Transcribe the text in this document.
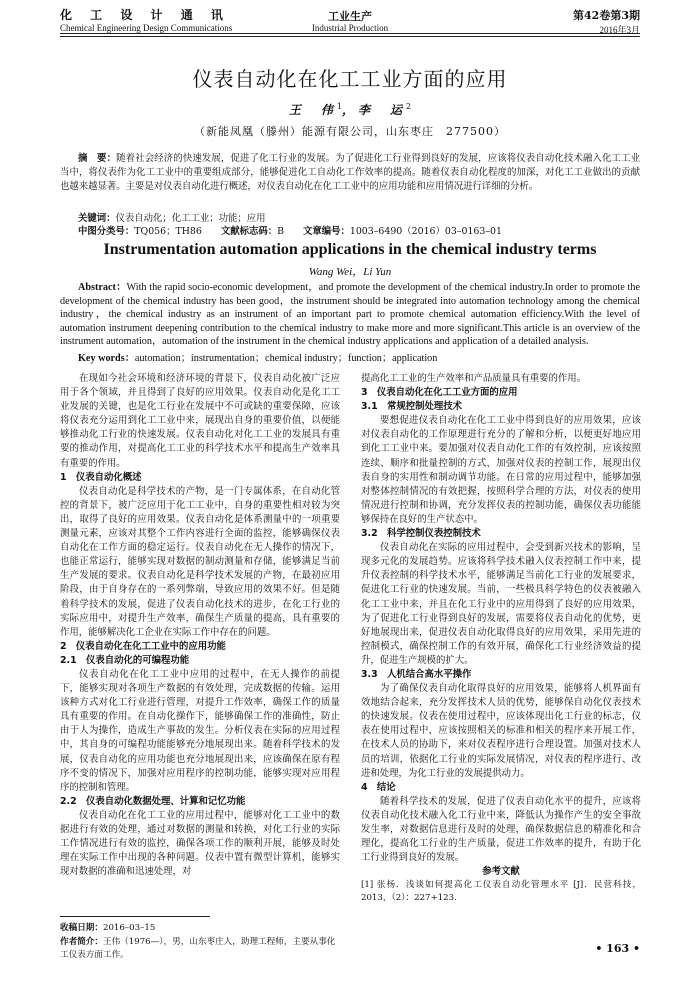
化 工 设 计 通 讯
Chemical Engineering Design Communications
工业生产
Industrial Production
第42卷第3期
2016年3月
仪表自动化在化工工业方面的应用
王　伟$^1$，李　运$^2$
（新能凤凰（滕州）能源有限公司，山东枣庄　277500）
摘　要：随着社会经济的快速发展，促进了化工行业的发展。为了促进化工行业得到良好的发展，应该将仪表自动化技术融入化工工业当中，将仪表作为化工工业中的重要组成部分，能够促进化工自动化工作效率的提高。随着仪表自动化程度的加深，对化工工业做出的贡献也越来越显著。主要是对仪表自动化进行概述，对仪表自动化在化工工业中的应用功能和应用情况进行详细的分析。
关键词：仪表自动化；化工工业；功能；应用
中图分类号：TQ056；TH86 文献标志码：B 文章编号：1003–6490（2016）03–0163–01
Instrumentation automation applications in the chemical industry terms
Wang Wei，Li Yun
Abstract：With the rapid socio-economic development，and promote the development of the chemical industry.In order to promote the development of the chemical industry has been good，the instrument should be integrated into automation technology among the chemical industry，the chemical industry as an instrument of an important part to promote chemical automation efficiency.With the level of automation instrument deepening contribution to the chemical industry to make more and more significant.This article is an overview of the instrument automation，automation of the instrument in the chemical industry applications and application of a detailed analysis.
Key words：automation；instrumentation；chemical industry；function；application

在现如今社会环境和经济环境的背景下，仪表自动化被广泛应用于各个领域，并且得到了良好的应用效果。仪表自动化是化工工业发展的关键，也是化工行业在发展中不可或缺的重要保障，应该将仪表充分运用到化工工业中来，展现出自身的重要价值，以便能够推动化工行业的快速发展。仪表自动化对化工工业的发展具有重要的推动作用，对提高化工工业的科学技术水平和提高生产效率具有重要的作用。

1　仪表自动化概述

仪表自动化是科学技术的产物，是一门专属体系，在自动化管控的背景下，被广泛应用于化工工业中，自身的重要性相对较为突出，取得了良好的应用效果。仪表自动化是体系测量中的一项重要测量元素，应该对其整个工作内容进行全面的监控，能够确保仪表自动化在工作方面的稳定运行。仪表自动化在无人操作的情况下，也能正常运行，能够实现对数据的制动测量和存储，能够满足当前生产发展的要求。仪表自动化是科学技术发展的产物，在最初应用阶段，由于自身存在的一系列弊端，导致应用的效果不好。但是随着科学技术的发展，促进了仪表自动化技术的进步，在化工行业的实际应用中，对提升生产效率，确保生产质量的提高，具有重要的作用，能够解决化工企业在实际工作中存在的问题。

2　仪表自动化在化工工业中的应用功能
2.1　仪表自动化的可编程功能

仪表自动化在化工工业中应用的过程中，在无人操作的前提下，能够实现对各项生产数据的有效处理，完成数据的传输。运用该种方式对化工行业进行管理，对提升工作效率，确保工作的质量具有重要的作用。在自动化操作下，能够确保工作的准确性，防止由于人为操作，造成生产事故的发生。分析仪表在实际的应用过程中，其自身的可编程功能能够充分地展现出来。随着科学技术的发展，仪表自动化的应用功能也充分地展现出来，应该确保在原有程序不变的情况下，加强对应用程序的控制功能，能够实现对应用程序的控制和管理。

2.2　仪表自动化数据处理、计算和记忆功能

仪表自动化在化工工业的应用过程中，能够对化工工业中的数据进行有效的处理，通过对数据的测量和转换，对化工行业的实际工作情况进行有效的监控，确保各项工作的顺利开展，能够及时处理在实际工作中出现的各种问题。仪表中置有微型计算机，能够实现对数据的准确和迅速处理，对

提高化工工业的生产效率和产品质量具有重要的作用。

3　仪表自动化在化工工业方面的应用
3.1　常规控制处理技术

要想促进仪表自动化在化工工业中得到良好的应用效果，应该对仪表自动化的工作原理进行充分的了解和分析，以便更好地应用到化工工业中来。要加强对仪表自动化工作的有效控制，应该按照连续、顺序和批量控制的方式，加强对仪表的控制工作，展现出仪表自身的实用性和制动调节功能。在日常的应用过程中，能够加强对整体控制情况的有效把握，按照科学合理的方法，对仪表的使用情况进行控制和协调，充分发挥仪表的控制功能，确保仪表功能能够保持在良好的生产状态中。

3.2　科学控制仪表控制技术

仪表自动化在实际的应用过程中，会受到新兴技术的影响，呈现多元化的发展趋势。应该将科学技术融入仪表控制工作中来，提升仪表控制的科学技术水平，能够满足当前化工行业的发展要求，促进化工行业的快速发展。当前，一些极具科学特色的仪表被融入化工工业中来，并且在化工行业中的应用得到了良好的应用效果，为了促进化工行业得到良好的发展，需要将仪表自动化的优势，更好地展现出来，促进仪表自动化取得良好的应用效果，采用先进的控制模式，确保控制工作的有效开展，确保化工行业经济效益的提升，促进生产规模的扩大。

3.3　人机结合高水平操作

为了确保仪表自动化取得良好的应用效果，能够将人机界面有效地结合起来，充分发挥技术人员的优势，能够保自动化仪表技术的快速发展。仪表在使用过程中，应该体现出化工行业的标志，仪表在使用过程中，应该按照相关的标准和相关的程序来开展工作，在技术人员的协助下，来对仪表程序进行合理设置。加强对技术人员的培训，依据化工行业的实际发展情况，对仪表的程序进行、改进和处理，为化工行业的发展提供动力。

4　结论

随着科学技术的发展，促进了仪表自动化水平的提升，应该将仪表自动化技术融入化工行业中来，降低认为操作产生的安全事故发生率，对数据信息进行及时的处理，确保数据信息的精准化和合理化，提高化工行业的生产质量，促进工作效率的提升，有助于化工行业得到良好的发展。

参考文献
[1] 张杨．浅谈如何提高化工仪表自动化管理水平 [J]．民营科技，2013，（2）：227+123.
收稿日期：2016–03–15
作者简介：王伟（1976—），男，山东枣庄人，助理工程师，主要从事化工仪表方面工作。	• 163 •
